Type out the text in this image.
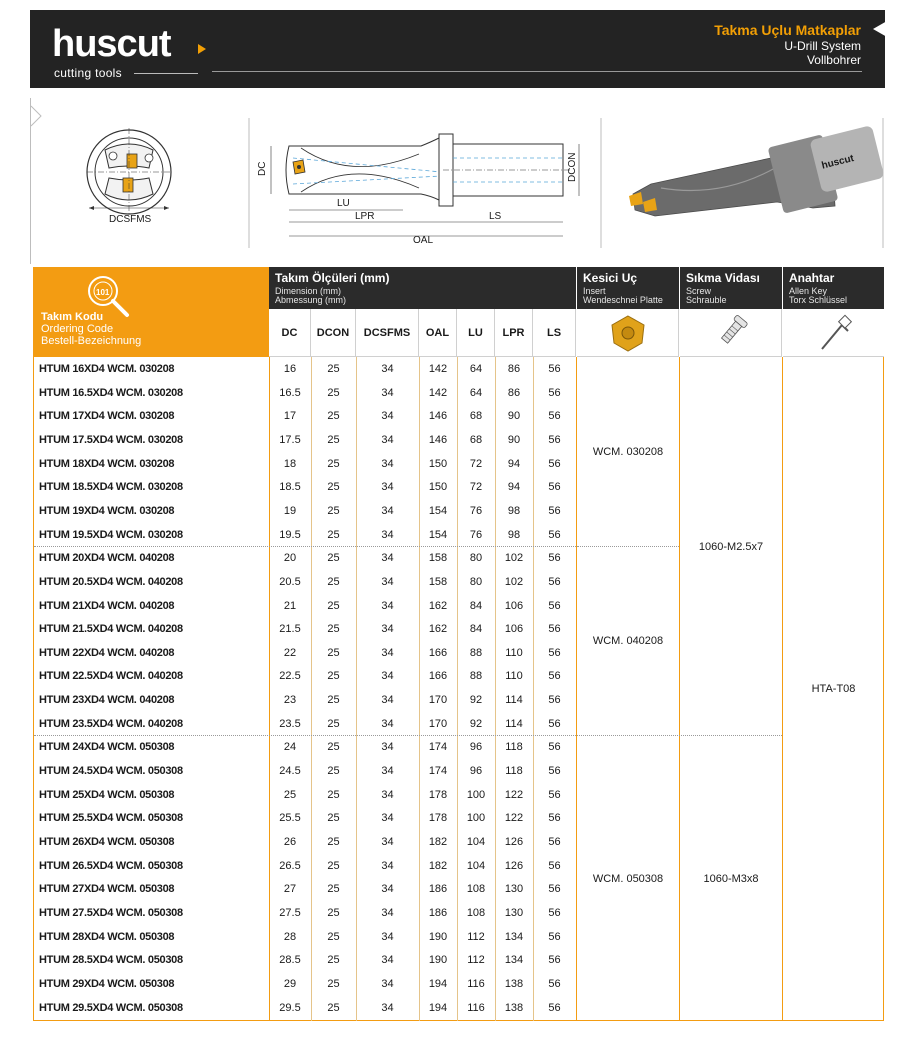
huscut
cutting tools
Takma Uçlu Matkaplar
U-Drill System
Vollbohrer
DCSFMS
DC	DCON
LU
LPR	LS
OAL
huscut
101
Takım Kodu
Ordering Code
Bestell-Bezeichnung
Takım Ölçüleri (mm)
Dimension (mm)
Abmessung (mm)
Kesici Uç
Insert
Wendeschnei Platte
Sıkma Vidası
Screw
Schrauble
Anahtar
Allen Key
Torx Schlüssel
DC	DCON	DCSFMS	OAL	LU	LPR	LS
HTUM 16XD4 WCM. 030208	16	25	34	142	64	86	56
HTUM 16.5XD4 WCM. 030208	16.5	25	34	142	64	86	56
HTUM 17XD4 WCM. 030208	17	25	34	146	68	90	56
HTUM 17.5XD4 WCM. 030208	17.5	25	34	146	68	90	56
HTUM 18XD4 WCM. 030208	18	25	34	150	72	94	56
HTUM 18.5XD4 WCM. 030208	18.5	25	34	150	72	94	56
HTUM 19XD4 WCM. 030208	19	25	34	154	76	98	56
HTUM 19.5XD4 WCM. 030208	19.5	25	34	154	76	98	56
HTUM 20XD4 WCM. 040208	20	25	34	158	80	102	56
HTUM 20.5XD4 WCM. 040208	20.5	25	34	158	80	102	56
HTUM 21XD4 WCM. 040208	21	25	34	162	84	106	56
HTUM 21.5XD4 WCM. 040208	21.5	25	34	162	84	106	56
HTUM 22XD4 WCM. 040208	22	25	34	166	88	110	56
HTUM 22.5XD4 WCM. 040208	22.5	25	34	166	88	110	56
HTUM 23XD4 WCM. 040208	23	25	34	170	92	114	56
HTUM 23.5XD4 WCM. 040208	23.5	25	34	170	92	114	56
HTUM 24XD4 WCM. 050308	24	25	34	174	96	118	56
HTUM 24.5XD4 WCM. 050308	24.5	25	34	174	96	118	56
HTUM 25XD4 WCM. 050308	25	25	34	178	100	122	56
HTUM 25.5XD4 WCM. 050308	25.5	25	34	178	100	122	56
HTUM 26XD4 WCM. 050308	26	25	34	182	104	126	56
HTUM 26.5XD4 WCM. 050308	26.5	25	34	182	104	126	56
HTUM 27XD4 WCM. 050308	27	25	34	186	108	130	56
HTUM 27.5XD4 WCM. 050308	27.5	25	34	186	108	130	56
HTUM 28XD4 WCM. 050308	28	25	34	190	112	134	56
HTUM 28.5XD4 WCM. 050308	28.5	25	34	190	112	134	56
HTUM 29XD4 WCM. 050308	29	25	34	194	116	138	56
HTUM 29.5XD4 WCM. 050308	29.5	25	34	194	116	138	56
WCM. 030208
WCM. 040208
WCM. 050308
1060-M2.5x7
1060-M3x8
HTA-T08
